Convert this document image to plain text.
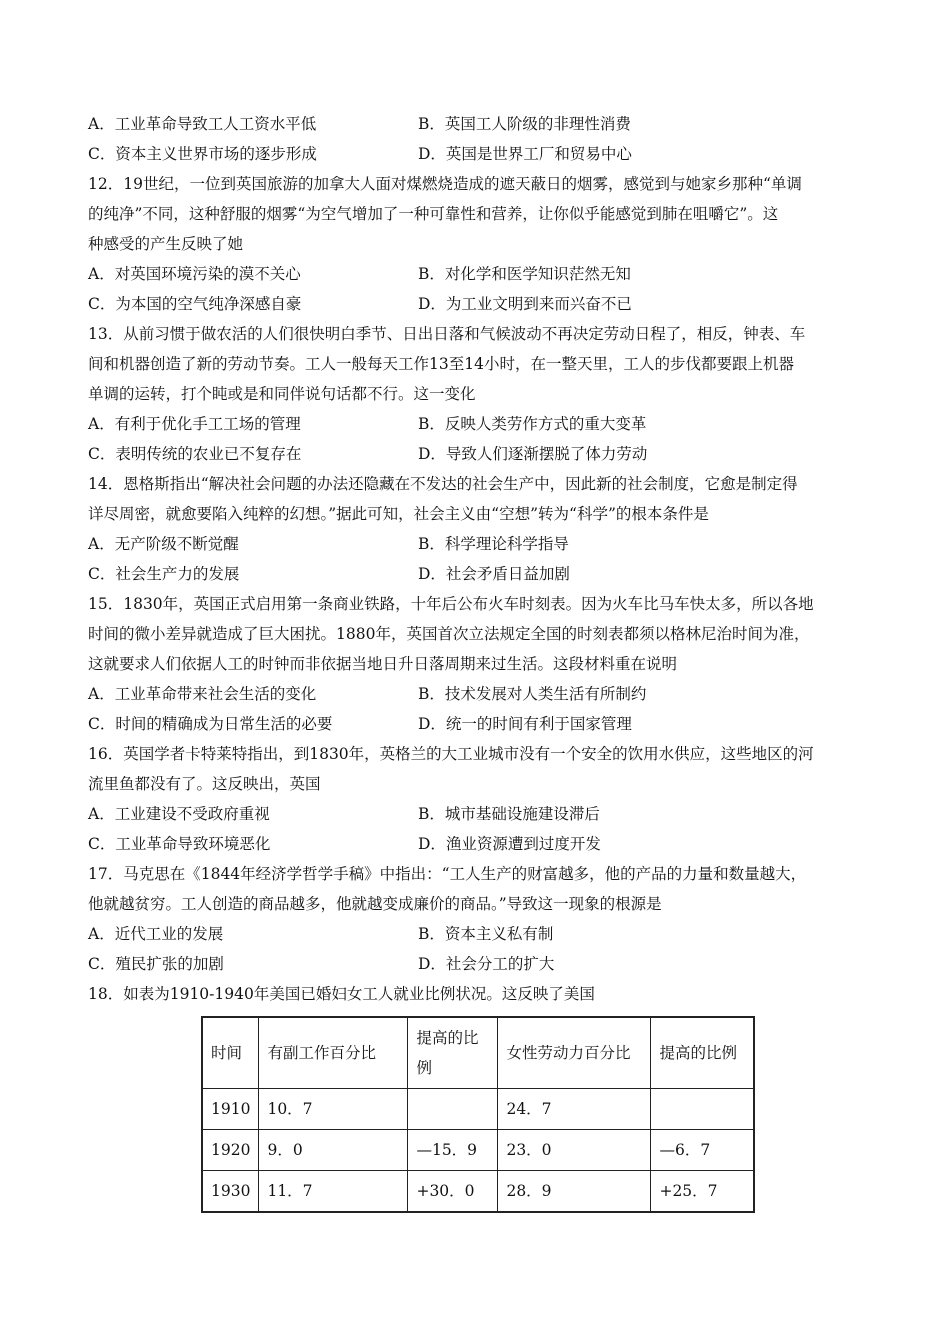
A．工业革命导致工人工资水平低	B．英国工人阶级的非理性消费
C．资本主义世界市场的逐步形成	D．英国是世界工厂和贸易中心
12．19世纪，一位到英国旅游的加拿大人面对煤燃烧造成的遮天蔽日的烟雾，感觉到与她家乡那种“单调
的纯净”不同，这种舒服的烟雾“为空气增加了一种可靠性和营养，让你似乎能感觉到肺在咀嚼它”。这
种感受的产生反映了她
A．对英国环境污染的漠不关心	B．对化学和医学知识茫然无知
C．为本国的空气纯净深感自豪	D．为工业文明到来而兴奋不已
13．从前习惯于做农活的人们很快明白季节、日出日落和气候波动不再决定劳动日程了，相反，钟表、车
间和机器创造了新的劳动节奏。工人一般每天工作13至14小时，在一整天里，工人的步伐都要跟上机器
单调的运转，打个盹或是和同伴说句话都不行。这一变化
A．有利于优化手工工场的管理	B．反映人类劳作方式的重大变革
C．表明传统的农业已不复存在	D．导致人们逐渐摆脱了体力劳动
14．恩格斯指出“解决社会问题的办法还隐藏在不发达的社会生产中，因此新的社会制度，它愈是制定得
详尽周密，就愈要陷入纯粹的幻想。”据此可知，社会主义由“空想”转为“科学”的根本条件是
A．无产阶级不断觉醒	B．科学理论科学指导
C．社会生产力的发展	D．社会矛盾日益加剧
15．1830年，英国正式启用第一条商业铁路，十年后公布火车时刻表。因为火车比马车快太多，所以各地
时间的微小差异就造成了巨大困扰。1880年，英国首次立法规定全国的时刻表都须以格林尼治时间为准，
这就要求人们依据人工的时钟而非依据当地日升日落周期来过生活。这段材料重在说明
A．工业革命带来社会生活的变化	B．技术发展对人类生活有所制约
C．时间的精确成为日常生活的必要	D．统一的时间有利于国家管理
16．英国学者卡特莱特指出，到1830年，英格兰的大工业城市没有一个安全的饮用水供应，这些地区的河
流里鱼都没有了。这反映出，英国
A．工业建设不受政府重视	B．城市基础设施建设滞后
C．工业革命导致环境恶化	D．渔业资源遭到过度开发
17．马克思在《1844年经济学哲学手稿》中指出：“工人生产的财富越多，他的产品的力量和数量越大，
他就越贫穷。工人创造的商品越多，他就越变成廉价的商品。”导致这一现象的根源是
A．近代工业的发展	B．资本主义私有制
C．殖民扩张的加剧	D．社会分工的扩大
18．如表为1910-1940年美国已婚妇女工人就业比例状况。这反映了美国
时间	有副工作百分比	提高的比例	女性劳动力百分比	提高的比例
1910	10．7		24．7	
1920	9．0	—15．9	23．0	—6．7
1930	11．7	+30．0	28．9	+25．7
